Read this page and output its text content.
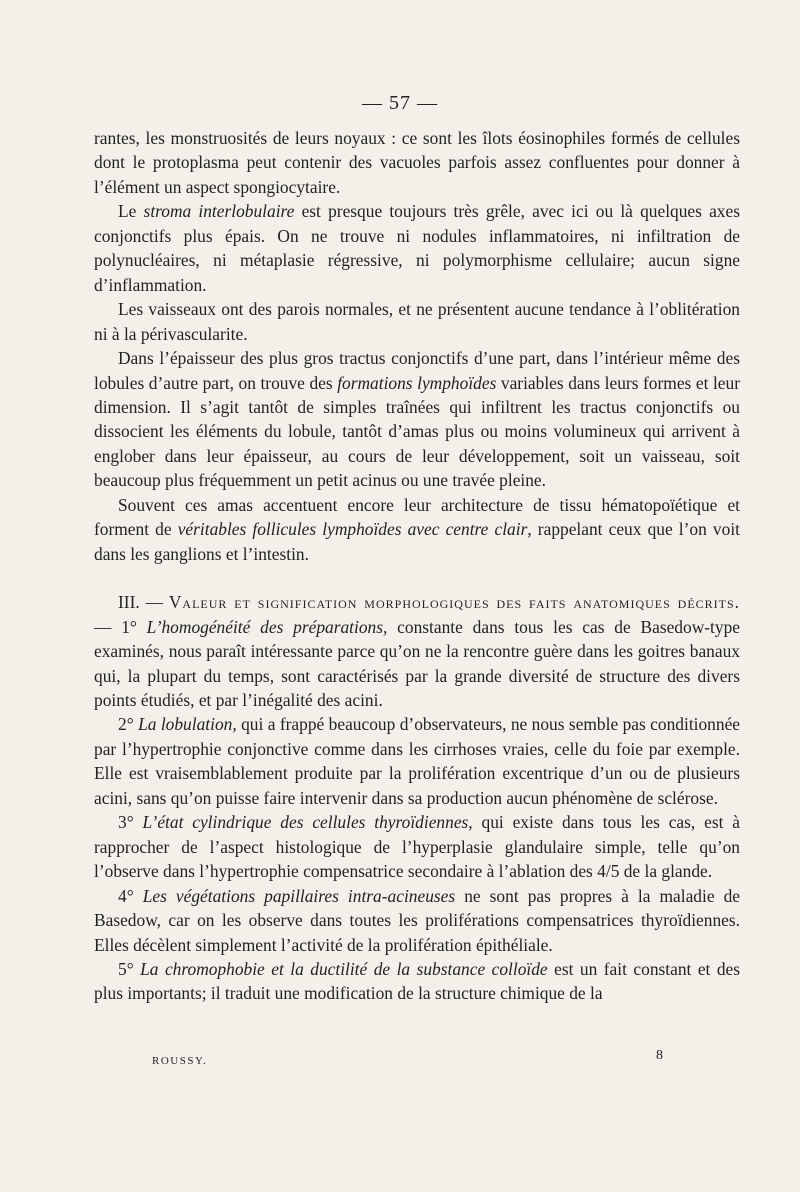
— 57 —

rantes, les monstruosités de leurs noyaux : ce sont les îlots éosinophiles formés de cellules dont le protoplasma peut contenir des vacuoles parfois assez confluentes pour donner à l’élément un aspect spongiocytaire.

Le stroma interlobulaire est presque toujours très grêle, avec ici ou là quelques axes conjonctifs plus épais. On ne trouve ni nodules inflammatoires, ni infiltration de polynucléaires, ni métaplasie régressive, ni polymorphisme cellulaire; aucun signe d’inflammation.

Les vaisseaux ont des parois normales, et ne présentent aucune tendance à l’oblitération ni à la périvascularite.

Dans l’épaisseur des plus gros tractus conjonctifs d’une part, dans l’intérieur même des lobules d’autre part, on trouve des formations lymphoïdes variables dans leurs formes et leur dimension. Il s’agit tantôt de simples traînées qui infiltrent les tractus conjonctifs ou dissocient les éléments du lobule, tantôt d’amas plus ou moins volumineux qui arrivent à englober dans leur épaisseur, au cours de leur développement, soit un vaisseau, soit beaucoup plus fréquemment un petit acinus ou une travée pleine.

Souvent ces amas accentuent encore leur architecture de tissu hématopoïétique et forment de véritables follicules lymphoïdes avec centre clair, rappelant ceux que l’on voit dans les ganglions et l’intestin.

III. — Valeur et signification morphologiques des faits anatomiques décrits. — 1° L’homogénéité des préparations, constante dans tous les cas de Basedow-type examinés, nous paraît intéressante parce qu’on ne la rencontre guère dans les goitres banaux qui, la plupart du temps, sont caractérisés par la grande diversité de structure des divers points étudiés, et par l’inégalité des acini.

2° La lobulation, qui a frappé beaucoup d’observateurs, ne nous semble pas conditionnée par l’hypertrophie conjonctive comme dans les cirrhoses vraies, celle du foie par exemple. Elle est vraisemblablement produite par la prolifération excentrique d’un ou de plusieurs acini, sans qu’on puisse faire intervenir dans sa production aucun phénomène de sclérose.

3° L’état cylindrique des cellules thyroïdiennes, qui existe dans tous les cas, est à rapprocher de l’aspect histologique de l’hyperplasie glandulaire simple, telle qu’on l’observe dans l’hypertrophie compensatrice secondaire à l’ablation des 4/5 de la glande.

4° Les végétations papillaires intra-acineuses ne sont pas propres à la maladie de Basedow, car on les observe dans toutes les proliférations compensatrices thyroïdiennes. Elles décèlent simplement l’activité de la prolifération épithéliale.

5° La chromophobie et la ductilité de la substance colloïde est un fait constant et des plus importants; il traduit une modification de la structure chimique de la

ROUSSY.	8
